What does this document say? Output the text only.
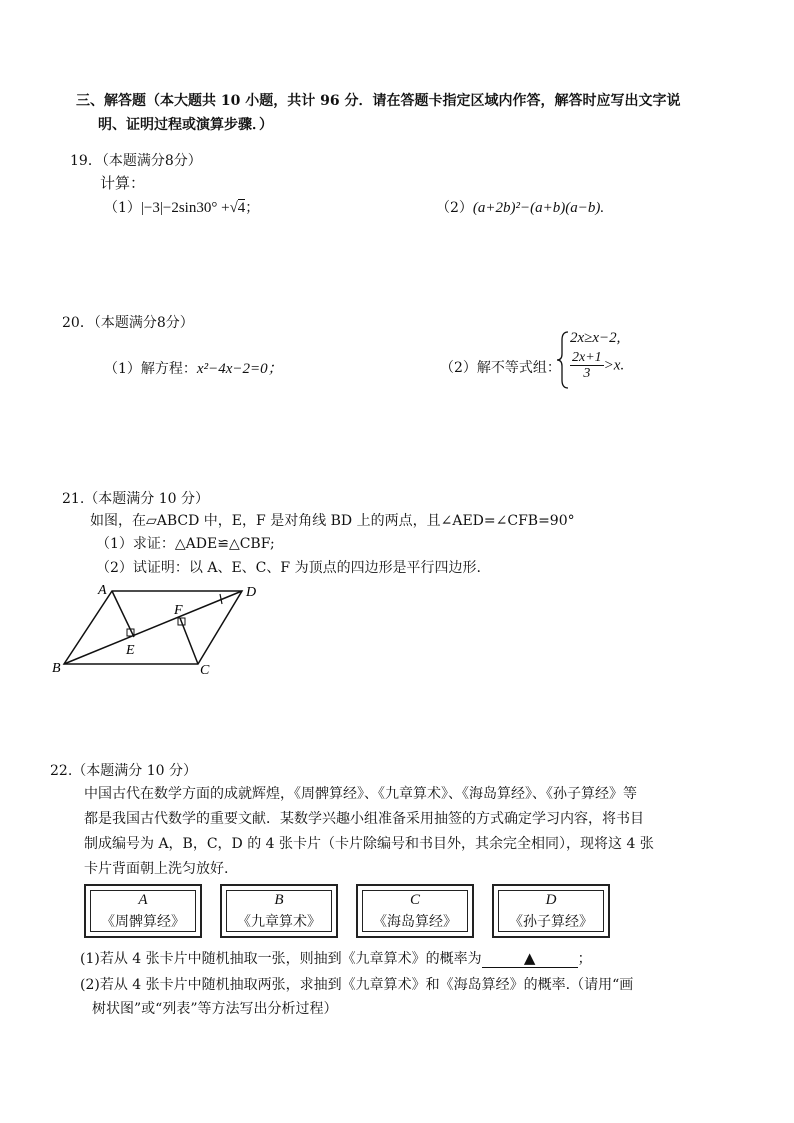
三、解答题（本大题共 10 小题，共计 96 分．请在答题卡指定区域内作答，解答时应写出文字说
明、证明过程或演算步骤．）
19．（本题满分8分）
计算：
（1）|−3|−2sin30° +√4；	（2）(a+2b)²−(a+b)(a−b).
20．（本题满分8分）
（1）解方程：x²−4x−2=0；	（2）解不等式组：
2x≥x−2,
$\frac{2x+1}{3} >x$.
21.（本题满分 10 分）
如图，在▱ABCD 中，E，F 是对角线 BD 上的两点，且∠AED=∠CFB=90°
（1）求证：△ADE≌△CBF;
（2）试证明：以 A、E、C、F 为顶点的四边形是平行四边形.
A	D
B	C
E
F
22.（本题满分 10 分）
中国古代在数学方面的成就辉煌，《周髀算经》、《九章算术》、《海岛算经》、《孙子算经》等
都是我国古代数学的重要文献．某数学兴趣小组准备采用抽签的方式确定学习内容，将书目
制成编号为 A，B，C，D 的 4 张卡片（卡片除编号和书目外，其余完全相同），现将这 4 张
卡片背面朝上洗匀放好.
A
《周髀算经》
B
《九章算术》
C
《海岛算经》
D
《孙子算经》
(1)若从 4 张卡片中随机抽取一张，则抽到《九章算术》的概率为	▲	；
(2)若从 4 张卡片中随机抽取两张，求抽到《九章算术》和《海岛算经》的概率.（请用“画
树状图”或“列表”等方法写出分析过程）
